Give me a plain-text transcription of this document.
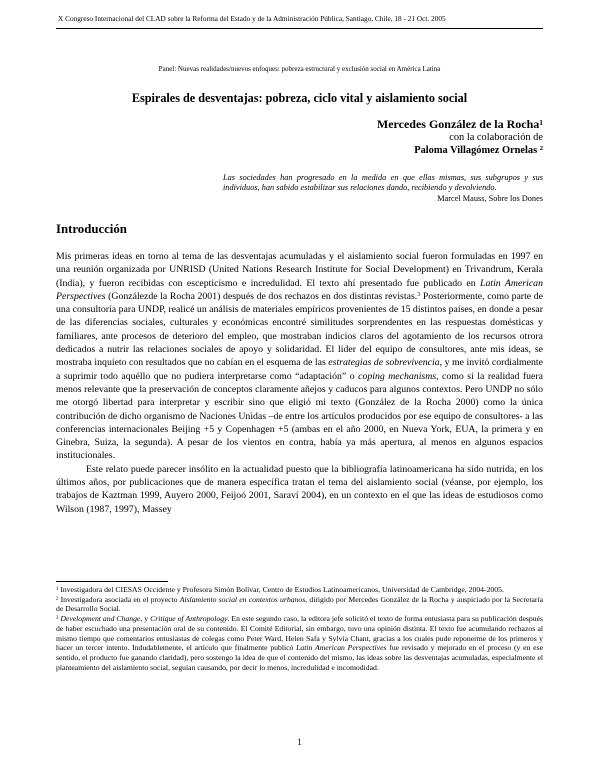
X Congreso Internacional del CLAD sobre la Reforma del Estado y de la Administración Pública, Santiago, Chile, 18 - 21 Oct. 2005
Panel: Nuevas realidades/nuevos enfoques: pobreza estructural y exclusión social en América Latina
Espirales de desventajas: pobreza, ciclo vital y aislamiento social
Mercedes González de la Rocha$^1$
con la colaboración de
Paloma Villagómez Ornelas $^2$
Las sociedades han progresado en la medida en que ellas mismas, sus subgrupos y sus individuos, han sabido estabilizar sus relaciones dando, recibiendo y devolviendo.
Marcel Mauss, Sobre los Dones
Introducción

Mis primeras ideas en torno al tema de las desventajas acumuladas y el aislamiento social fueron formuladas en 1997 en una reunión organizada por UNRISD (United Nations Research Institute for Social Development) en Trivandrum, Kerala (India), y fueron recibidas con escepticismo e incredulidad. El texto ahí presentado fue publicado en Latin American Perspectives (Gonzálezde la Rocha 2001) después de dos rechazos en dos distintas revistas.$^3$ Posteriormente, como parte de una consultoría para UNDP, realicé un análisis de materiales empíricos provenientes de 15 distintos países, en donde a pesar de las diferencias sociales, culturales y económicas encontré similitudes sorprendentes en las respuestas domésticas y familiares, ante procesos de deterioro del empleo, que mostraban indicios claros del agotamiento de los recursos otrora dedicados a nutrir las relaciones sociales de apoyo y solidaridad. El líder del equipo de consultores, ante mis ideas, se mostraba inquieto con resultados que no cabían en el esquema de las estrategias de sobrevivencia, y me invitó cordialmente a suprimir todo aquéllo que no pudiera interpretarse como “adaptación” o coping mechanisms, como si la realidad fuera menos relevante que la preservación de conceptos claramente añejos y caducos para algunos contextos. Pero UNDP no sólo me otorgó libertad para interpretar y escribir sino que eligió mi texto (González de la Rocha 2000) como la única contribución de dicho organismo de Naciones Unidas –de entre los artículos producidos por ese equipo de consultores- a las conferencias internacionales Beijing +5 y Copenhagen +5 (ambas en el año 2000, en Nueva York, EUA, la primera y en Ginebra, Suiza, la segunda). A pesar de los vientos en contra, había ya más apertura, al menos en algunos espacios institucionales.

Este relato puede parecer insólito en la actualidad puesto que la bibliografía latinoamericana ha sido nutrida, en los últimos años, por publicaciones que de manera específica tratan el tema del aislamiento social (véanse, por ejemplo, los trabajos de Kaztman 1999, Auyero 2000, Feijoó 2001, Saraví 2004), en un contexto en el que las ideas de estudiosos como Wilson (1987, 1997), Massey

$^1$ Investigadora del CIESAS Occidente y Profesora Simón Bolívar, Centro de Estudios Latinoamericanos, Universidad de Cambridge, 2004-2005.

$^2$ Investigadora asociada en el proyecto Aislamiento social en contextos urbanos, dirigido por Mercedes González de la Rocha y auspiciado por la Secretaría de Desarrollo Social.

$^3$ Development and Change, y Critique of Anthropology. En este segundo caso, la editora jefe solicitó el texto de forma entusiasta para su publicación después de haber escuchado una presentación oral de su contenido. El Comité Editorial, sin embargo, tuvo una opinión distinta. El texto fue acumulando rechazos al mismo tiempo que comentarios entusiastas de colegas como Peter Ward, Helen Safa y Sylvia Chant, gracias a los cuales pude reponerme de los primeros y hacer un tercer intento. Indudablemente, el artículo que finalmente publicó Latin American Perspectives fue revisado y mejorado en el proceso (y en ese sentido, el producto fue ganando claridad), pero sostengo la idea de que el contenido del mismo, las ideas sobre las desventajas acumuladas, especialmente el planteamiento del aislamiento social, seguían causando, por decir lo menos, incredulidad e incomodidad.

1
